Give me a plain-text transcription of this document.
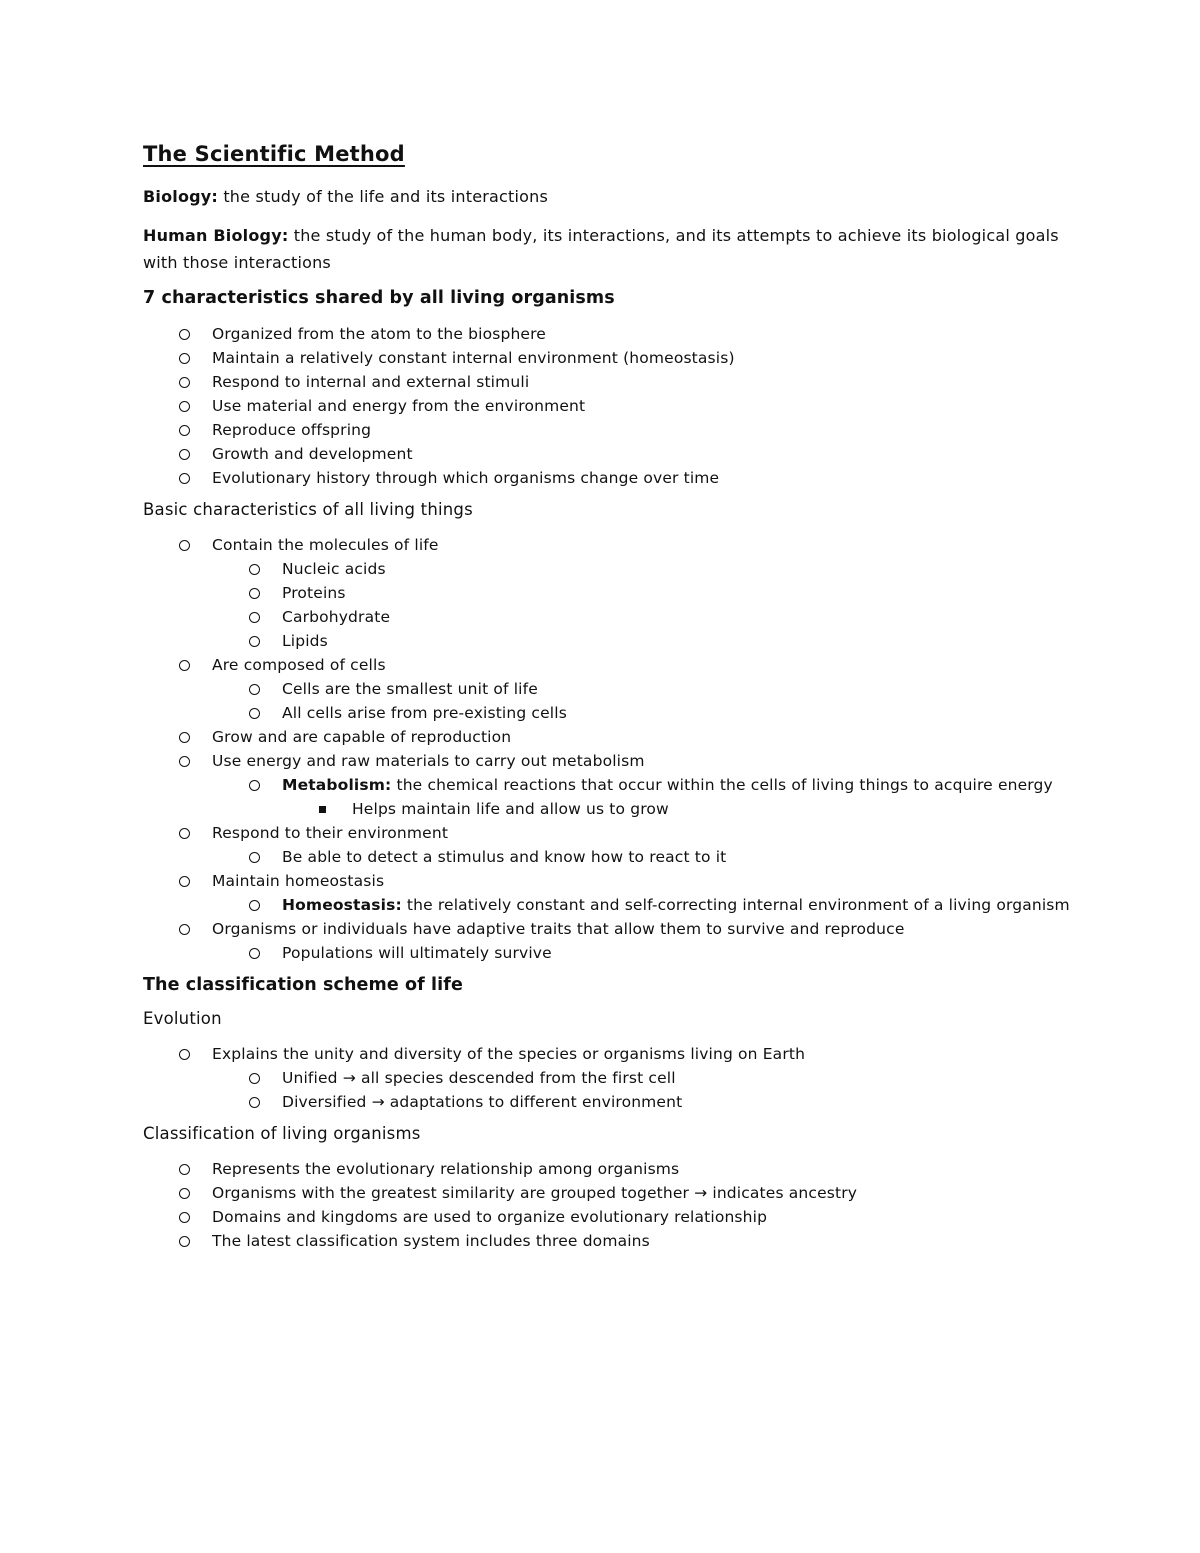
The Scientific Method

Biology: the study of the life and its interactions

Human Biology: the study of the human body, its interactions, and its attempts to achieve its biological goals with those interactions

7 characteristics shared by all living organisms
Organized from the atom to the biosphere
Maintain a relatively constant internal environment (homeostasis)
Respond to internal and external stimuli
Use material and energy from the environment
Reproduce offspring
Growth and development
Evolutionary history through which organisms change over time
Basic characteristics of all living things
Contain the molecules of life
Nucleic acids
Proteins
Carbohydrate
Lipids
Are composed of cells
Cells are the smallest unit of life
All cells arise from pre-existing cells
Grow and are capable of reproduction
Use energy and raw materials to carry out metabolism
Metabolism: the chemical reactions that occur within the cells of living things to acquire energy
Helps maintain life and allow us to grow
Respond to their environment
Be able to detect a stimulus and know how to react to it
Maintain homeostasis
Homeostasis: the relatively constant and self-correcting internal environment of a living organism
Organisms or individuals have adaptive traits that allow them to survive and reproduce
Populations will ultimately survive
The classification scheme of life
Evolution
Explains the unity and diversity of the species or organisms living on Earth
Unified → all species descended from the first cell
Diversified → adaptations to different environment
Classification of living organisms
Represents the evolutionary relationship among organisms
Organisms with the greatest similarity are grouped together → indicates ancestry
Domains and kingdoms are used to organize evolutionary relationship
The latest classification system includes three domains
